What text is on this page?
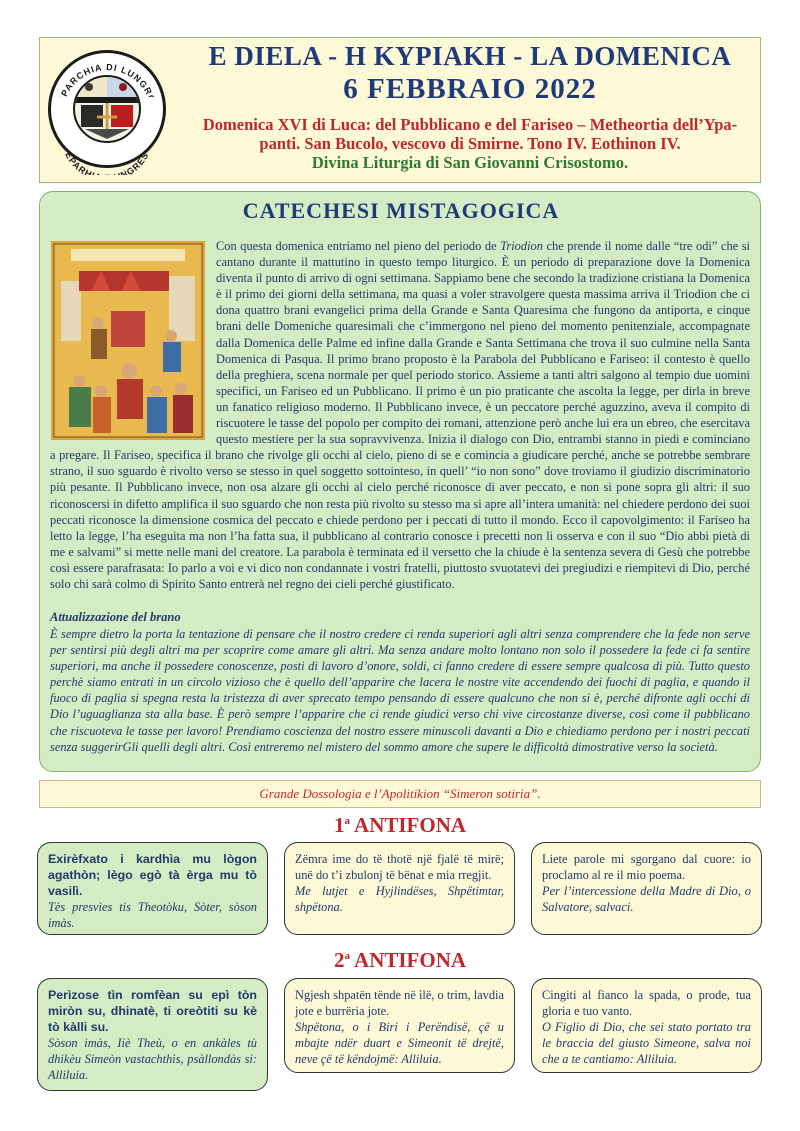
PARCHIA DI LUNGR
EPARH NGRES
E DIELA - Η ΚΥΡΙΑΚΗ - LA DOMENICA
6 FEBBRAIO 2022
Domenica XVI di Luca: del Pubblicano e del Fariseo – Metheortia dell’Ypa-
panti. San Bucolo, vescovo di Smirne. Tono IV. Eothinon IV.
Divina Liturgia di San Giovanni Crisostomo.
CATECHESI MISTAGOGICA

Con questa domenica entriamo nel pieno del periodo de Triodion che prende il nome dalle “tre odi” che si cantano durante il mattutino in questo tempo liturgico. È un periodo di preparazione dove la Domenica diventa il punto di arrivo di ogni settimana. Sappiamo bene che secondo la tradizione cristiana la Domenica è il primo dei giorni della settimana, ma quasi a voler stravolgere questa massima arriva il Triodion che ci dona quattro brani evangelici prima della Grande e Santa Quaresima che fungono da antiporta, e cinque brani delle Domeniche quaresimali che c’immergono nel pieno del momento penitenziale, accompagnate dalla Domenica delle Palme ed infine dalla Grande e Santa Settimana che trova il suo culmine nella Santa Domenica di Pasqua. Il primo brano proposto è la Parabola del Pubblicano e Fariseo: il contesto è quello della preghiera, scena normale per quel periodo storico. Assieme a tanti altri salgono al tempio due uomini specifici, un Fariseo ed un Pubblicano. Il primo è un pio praticante che ascolta la legge, per dirla in breve un fanatico religioso moderno. Il Pubblicano invece, è un peccatore perché aguzzino, aveva il compito di riscuotere le tasse del popolo per compito dei romani, attenzione però anche lui era un ebreo, che esercitava questo mestiere per la sua sopravvivenza. Inizia il dialogo con Dio, entrambi stanno in piedi e cominciano a pregare. Il Fariseo, specifica il brano che rivolge gli occhi al cielo, pieno di se e comincia a giudicare perché, anche se potrebbe sembrare strano, il suo sguardo è rivolto verso se stesso in quel soggetto sottointeso, in quell’ “io non sono” dove troviamo il giudizio discriminatorio più pesante. Il Pubblicano invece, non osa alzare gli occhi al cielo perché riconosce di aver peccato, e non si pone sopra gli altri: il suo riconoscersi in difetto amplifica il suo sguardo che non resta più rivolto su stesso ma si apre all’intera umanità: nel chiedere perdono dei suoi peccati riconosce la dimensione cosmica del peccato e chiede perdono per i peccati di tutto il mondo. Ecco il capovolgimento: il Fariseo ha letto la legge, l’ha eseguita ma non l’ha fatta sua, il pubblicano al contrario conosce i precetti non li osserva e con il suo “Dio abbi pietà di me e salvami” si mette nelle mani del creatore. La parabola è terminata ed il versetto che la chiude è la sentenza severa di Gesù che potrebbe così essere parafrasata: Io parlo a voi e vi dico non condannate i vostri fratelli, piuttosto svuotatevi dei pregiudizi e riempitevi di Dio, perché solo chi sarà colmo di Spirito Santo entrerà nel regno dei cieli perché giustificato.

Attualizzazione del brano

È sempre dietro la porta la tentazione di pensare che il nostro credere ci renda superiori agli altri senza comprendere che la fede non serve per sentirsi più degli altri ma per scoprire come amare gli altri. Ma senza andare molto lontano non solo il possedere la fede ci fa sentire superiori, ma anche il possedere conoscenze, posti di lavoro d’onore, soldi, ci fanno credere di essere sempre qualcosa di più. Tutto questo perchè siamo entrati in un circolo vizioso che è quello dell’apparire che lacera le nostre vite accendendo dei fuochi di paglia, e quando il fuoco di paglia si spegna resta la tristezza di aver sprecato tempo pensando di essere qualcuno che non si è, perché difronte agli occhi di Dio l’uguaglianza sta alla base. È però sempre l’apparire che ci rende giudici verso chi vive circostanze diverse, così come il pubblicano che riscuoteva le tasse per lavoro! Prendiamo coscienza del nostro essere minuscoli davanti a Dio e chiediamo perdono per i nostri peccati senza suggerirGli quelli degli altri. Così entreremo nel mistero del sommo amore che supere le difficoltà dimostrative verso la società.

Grande Dossologia e l’Apolitikion “Simeron sotiria”.
1$^a$ ANTIFONA
Exirèfxato i kardhìa mu lògon agathòn; lègo egò tà èrga mu tò vasilì.
Tès presvìes tis Theotòku, Sòter, sòson imàs.
Zëmra ime do të thotë një fjalë të mirë; unë do t’i zbulonj të bënat e mia rregjit.
Me lutjet e Hyjlindëses, Shpëtimtar, shpëtona.
Liete parole mi sgorgano dal cuore: io proclamo al re il mio poema.
Per l’intercessione della Madre di Dio, o Salvatore, salvaci.
2$^a$ ANTIFONA
Perìzose tìn romfèan su epì tòn miròn su, dhinatè, ti oreòtiti su kè tò kàlli su.
Sòson imàs, Iiè Theù, o en ankàles tù dhikèu Simeòn vastachthìs, psàllondàs si: Alliluia.
Ngjesh shpatën tënde në ìlë, o trim, lavdia jote e burrëria jote.
Shpëtona, o i Biri i Perëndisë, çë u mbajte ndër duart e Simeonit të drejtë, neve çë të këndojmë: Alliluia.
Cingiti al fianco la spada, o prode, tua gloria e tuo vanto.
O Figlio di Dio, che sei stato portato tra le braccia del giusto Simeone, salva noi che a te cantiamo: Alliluia.
